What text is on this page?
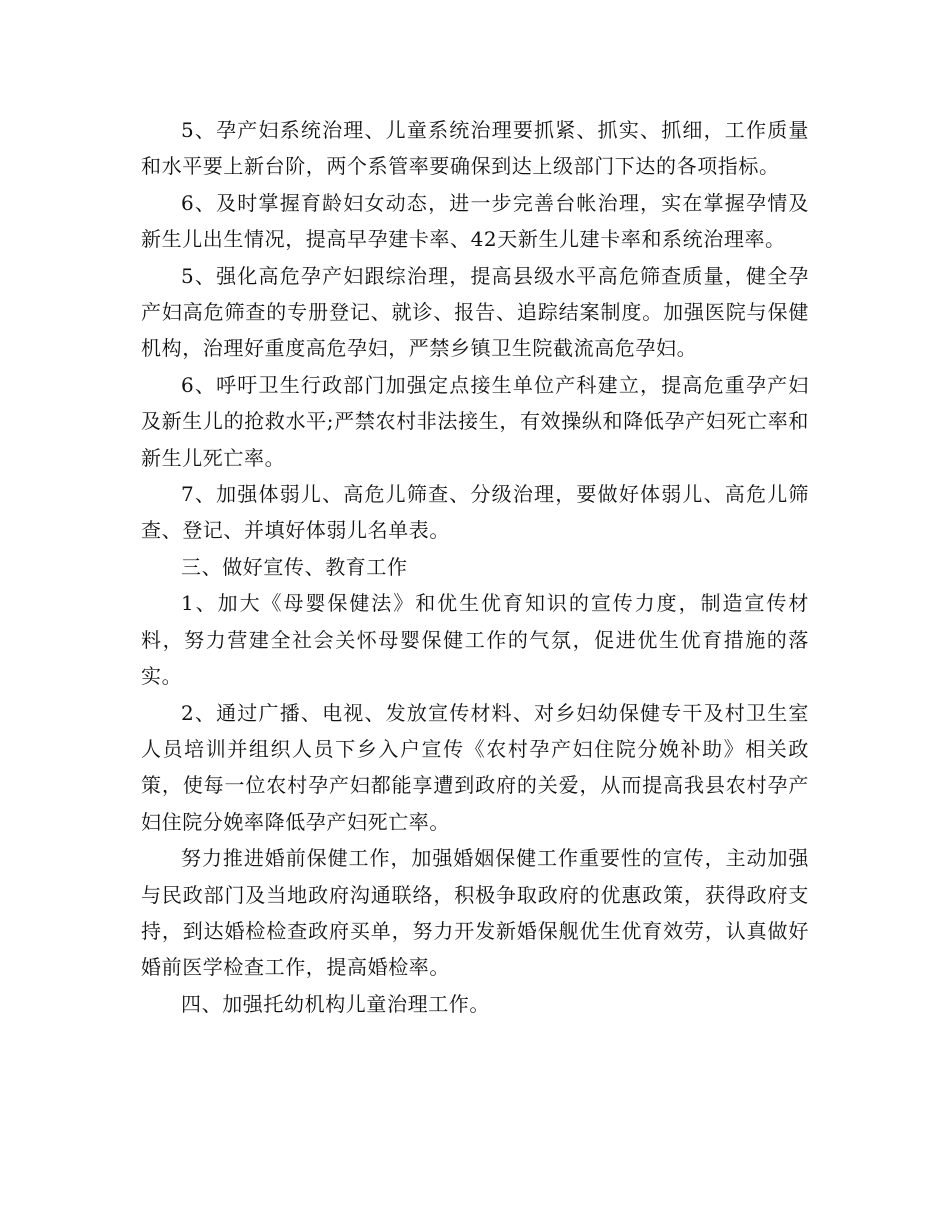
5、孕产妇系统治理、儿童系统治理要抓紧、抓实、抓细，工作质量和水平要上新台阶，两个系管率要确保到达上级部门下达的各项指标。

6、及时掌握育龄妇女动态，进一步完善台帐治理，实在掌握孕情及新生儿出生情况，提高早孕建卡率、42天新生儿建卡率和系统治理率。

5、强化高危孕产妇跟综治理，提高县级水平高危筛查质量，健全孕产妇高危筛查的专册登记、就诊、报告、追踪结案制度。加强医院与保健机构，治理好重度高危孕妇，严禁乡镇卫生院截流高危孕妇。

6、呼吁卫生行政部门加强定点接生单位产科建立，提高危重孕产妇及新生儿的抢救水平;严禁农村非法接生，有效操纵和降低孕产妇死亡率和新生儿死亡率。

7、加强体弱儿、高危儿筛查、分级治理，要做好体弱儿、高危儿筛查、登记、并填好体弱儿名单表。

三、做好宣传、教育工作

1、加大《母婴保健法》和优生优育知识的宣传力度，制造宣传材料，努力营建全社会关怀母婴保健工作的气氛，促进优生优育措施的落实。

2、通过广播、电视、发放宣传材料、对乡妇幼保健专干及村卫生室人员培训并组织人员下乡入户宣传《农村孕产妇住院分娩补助》相关政策，使每一位农村孕产妇都能享遭到政府的关爱，从而提高我县农村孕产妇住院分娩率降低孕产妇死亡率。

努力推进婚前保健工作，加强婚姻保健工作重要性的宣传，主动加强与民政部门及当地政府沟通联络，积极争取政府的优惠政策，获得政府支持，到达婚检检查政府买单，努力开发新婚保舰优生优育效劳，认真做好婚前医学检查工作，提高婚检率。

四、加强托幼机构儿童治理工作。
